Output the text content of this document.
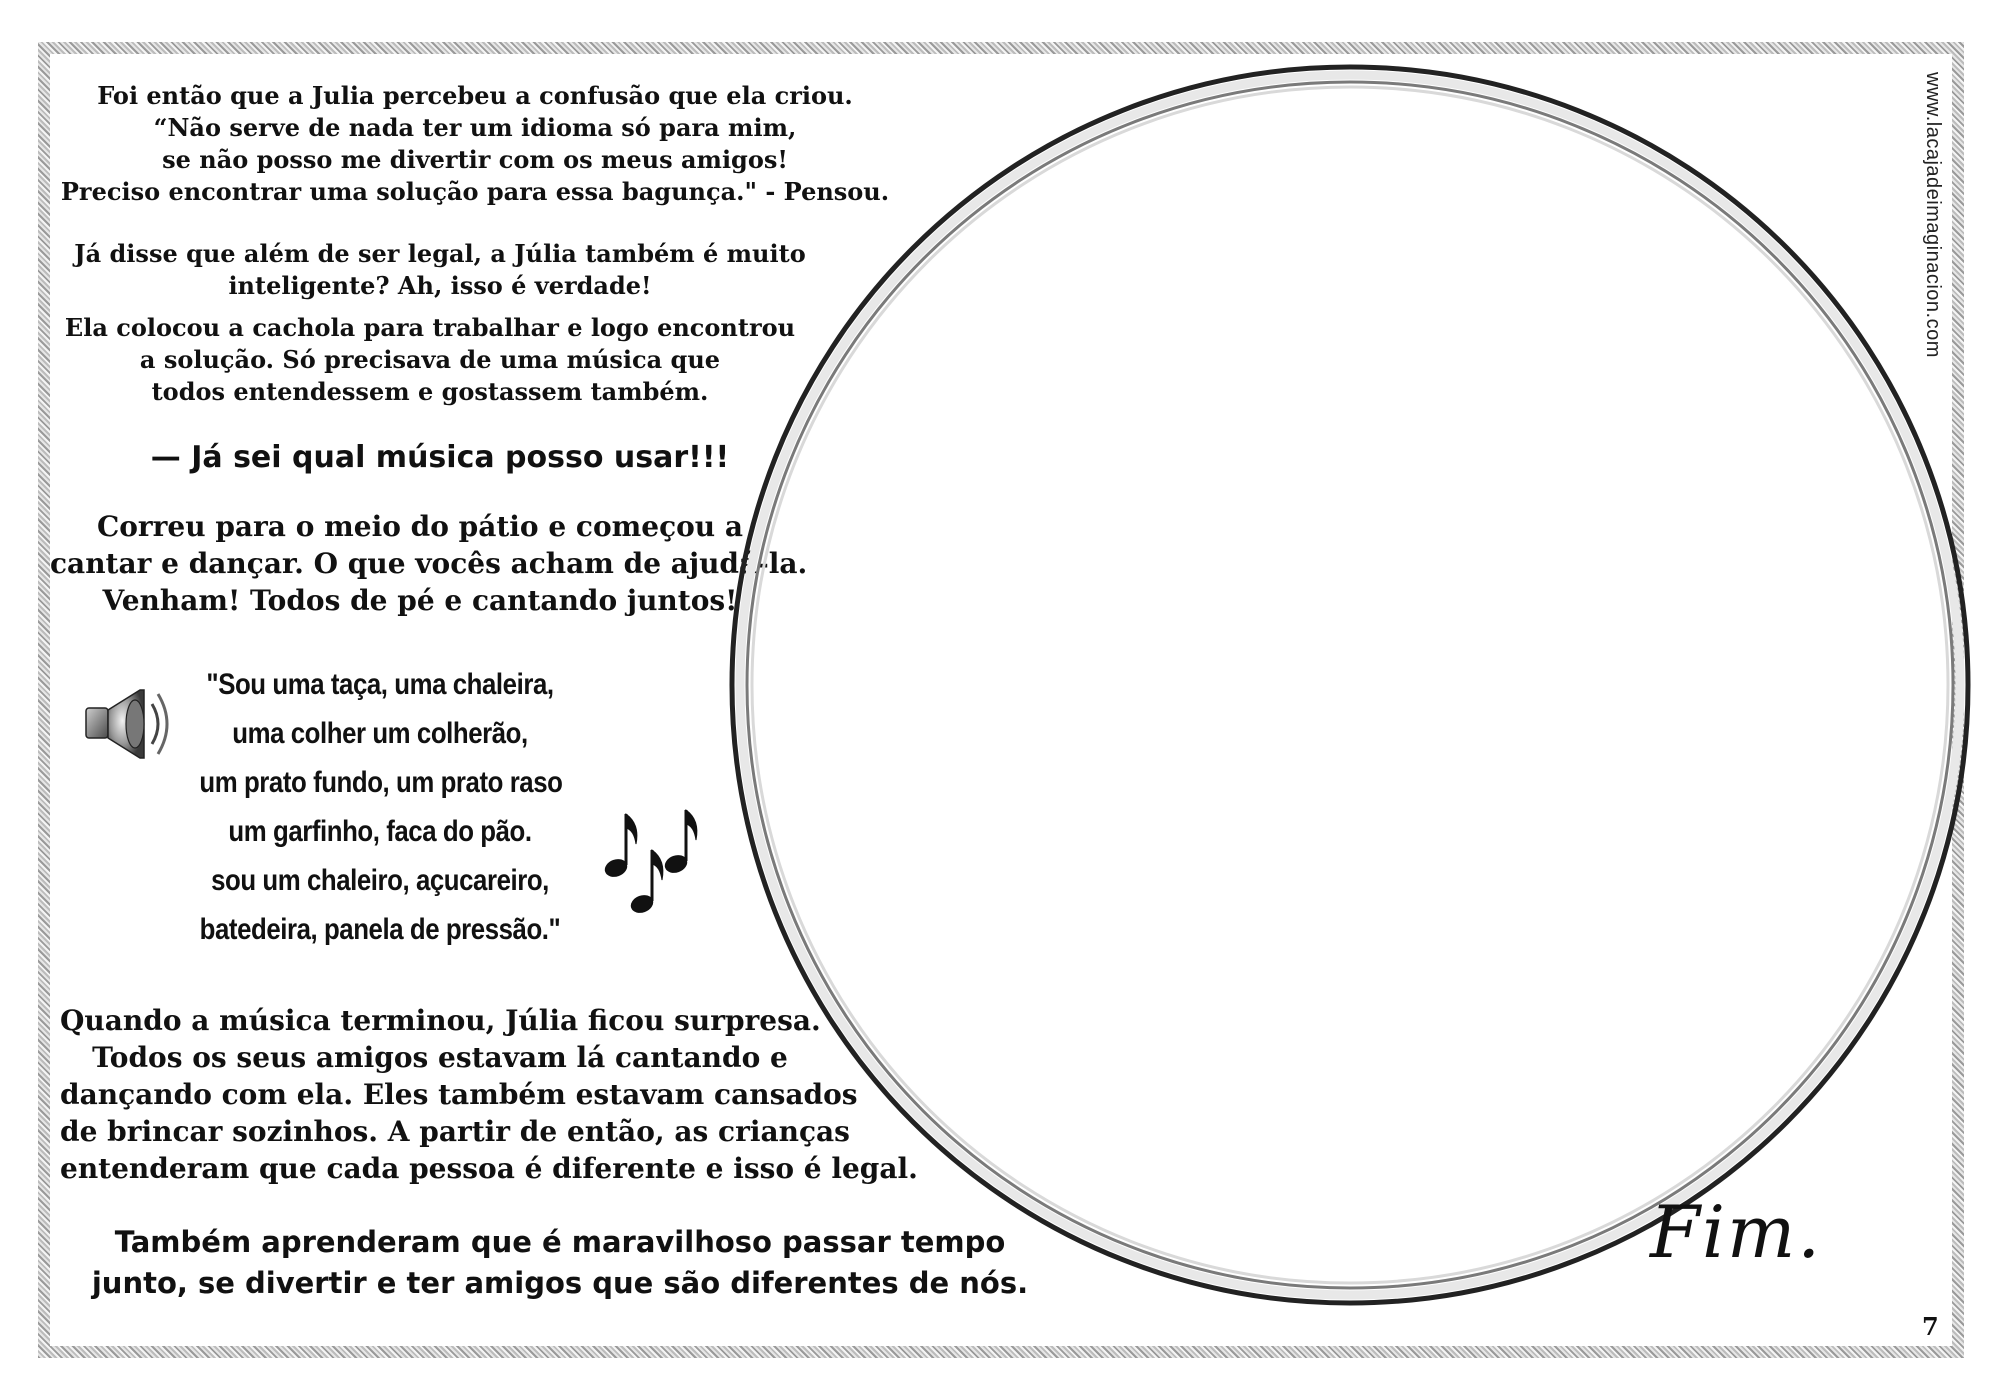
Foi então que a Julia percebeu a confusão que ela criou.
“Não serve de nada ter um idioma só para mim,
se não posso me divertir com os meus amigos!
Preciso encontrar uma solução para essa bagunça." - Pensou.
Já disse que além de ser legal, a Júlia também é muito
inteligente? Ah, isso é verdade!
Ela colocou a cachola para trabalhar e logo encontrou
a solução. Só precisava de uma música que
todos entendessem e gostassem também.
— Já sei qual música posso usar!!!
Correu para o meio do pátio e começou a
cantar e dançar. O que vocês acham de ajudá-la.
Venham! Todos de pé e cantando juntos!
"Sou uma taça, uma chaleira,
uma colher um colherão,
um prato fundo, um prato raso
um garfinho, faca do pão.
sou um chaleiro, açucareiro,
batedeira, panela de pressão."
Quando a música terminou, Júlia ficou surpresa.
Todos os seus amigos estavam lá cantando e
dançando com ela. Eles também estavam cansados
de brincar sozinhos. A partir de então, as crianças
entenderam que cada pessoa é diferente e isso é legal.
Também aprenderam que é maravilhoso passar tempo
junto, se divertir e ter amigos que são diferentes de nós.
www.lacajadeimaginacion.com
Fim.
7
